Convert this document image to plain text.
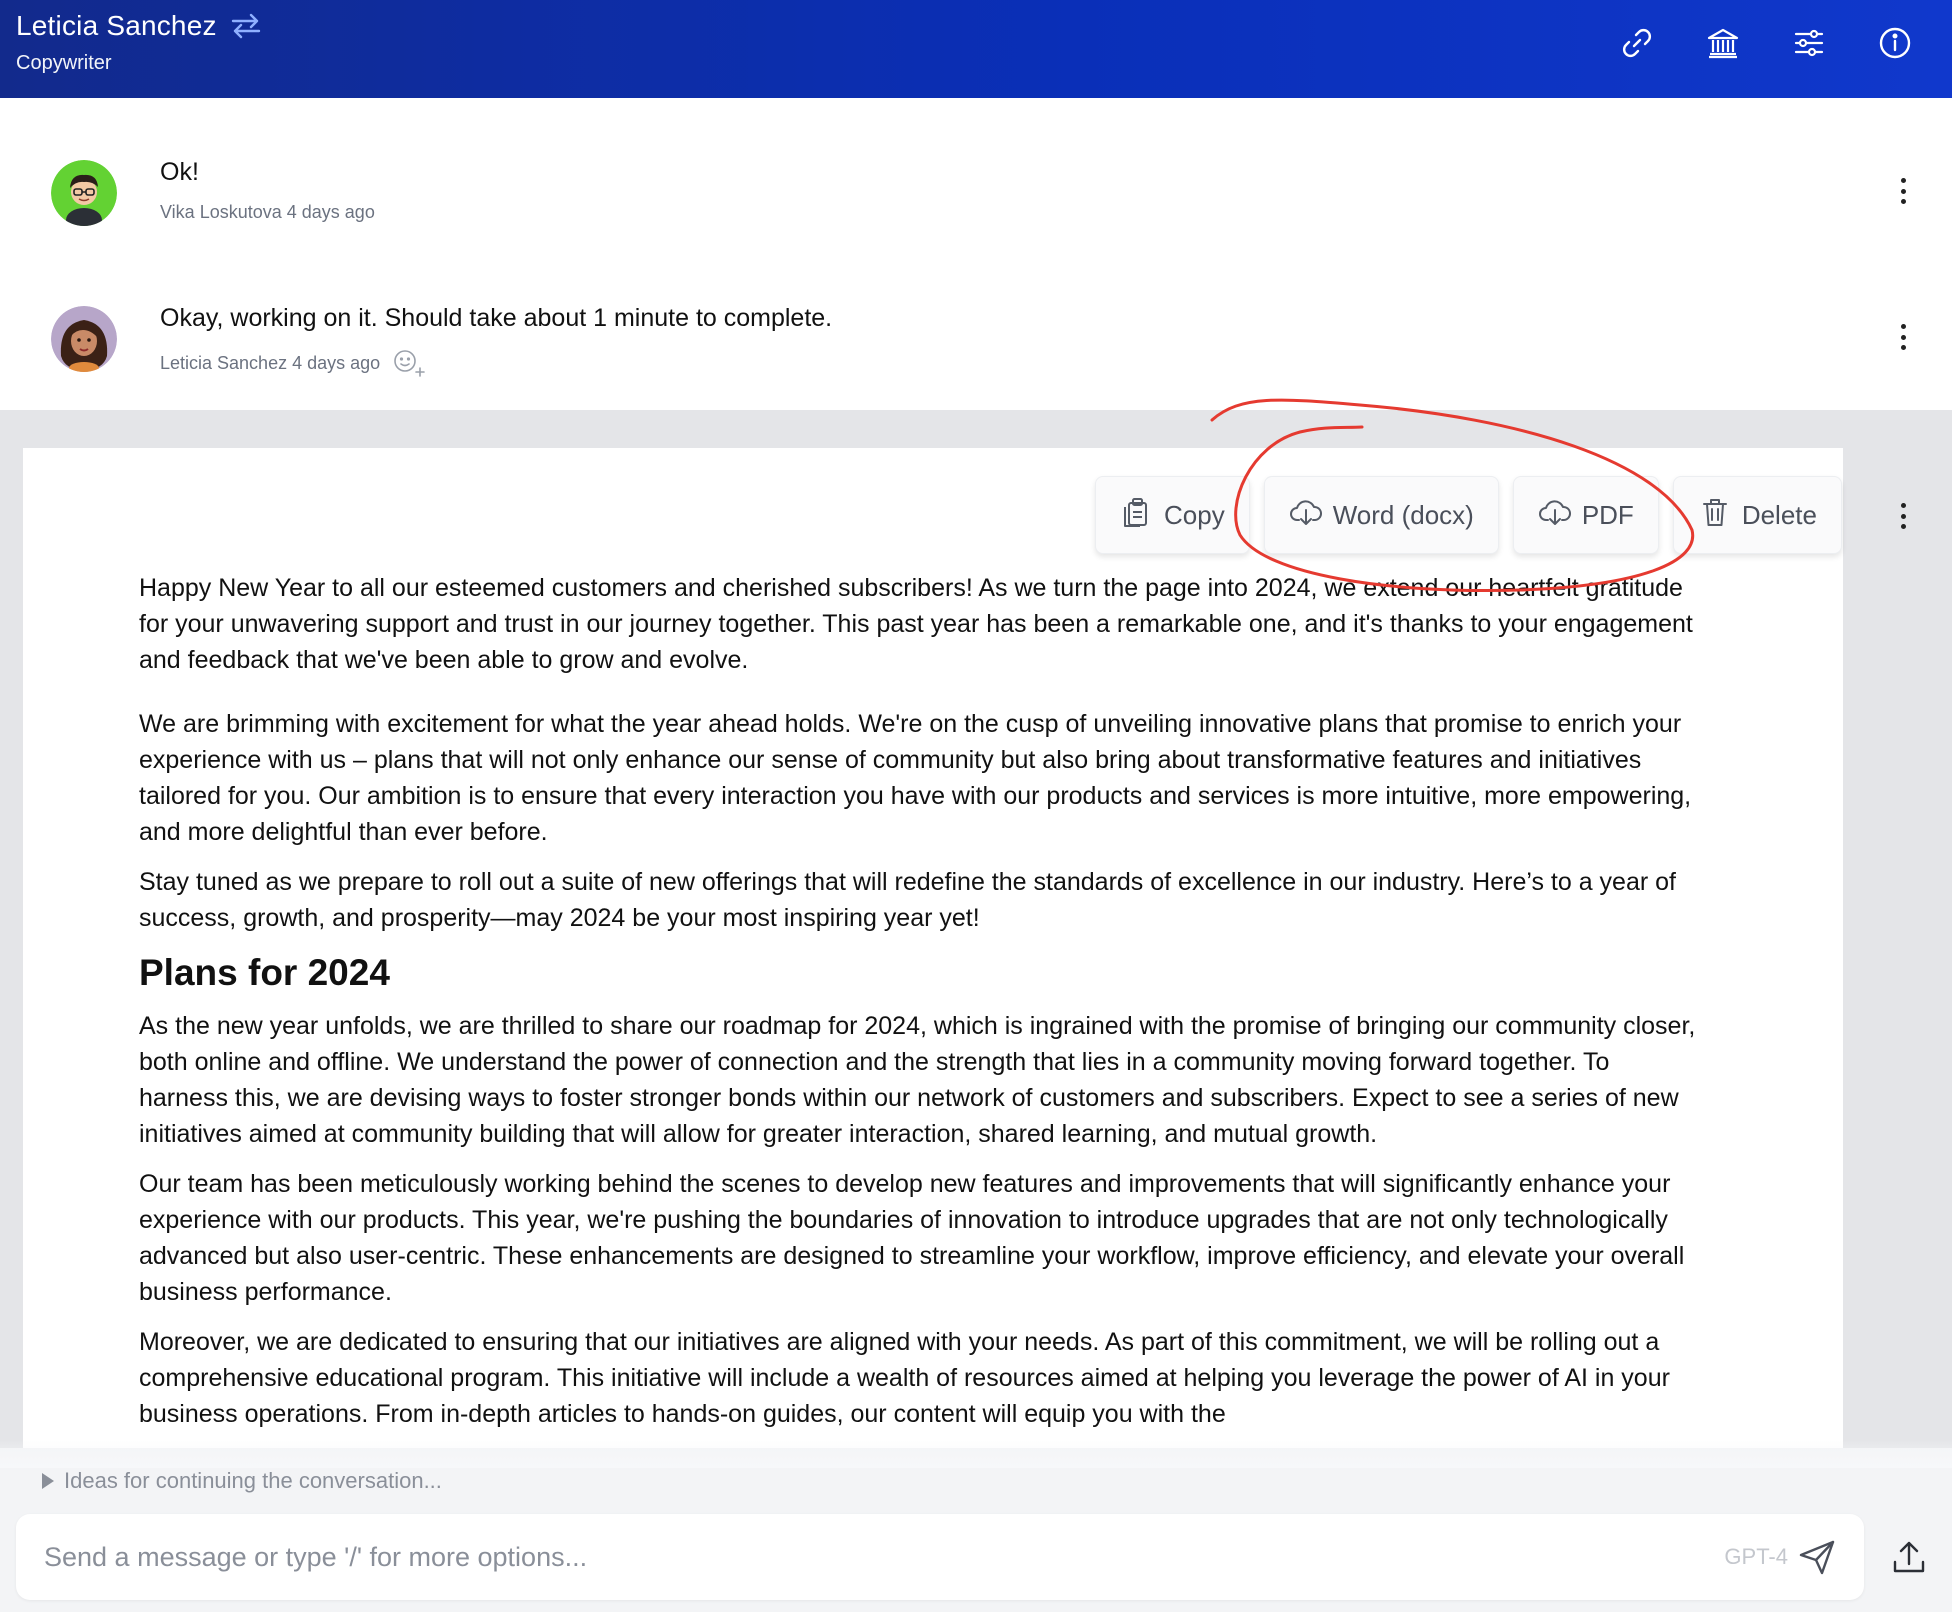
Leticia Sanchez
Copywriter
Ok!
Vika Loskutova 4 days ago
Okay, working on it. Should take about 1 minute to complete.
Leticia Sanchez 4 days ago
Copy	Word (docx)	PDF	Delete

Happy New Year to all our esteemed customers and cherished subscribers! As we turn the page into 2024, we extend our heartfelt gratitude for your unwavering support and trust in our journey together. This past year has been a remarkable one, and it's thanks to your engagement and feedback that we've been able to grow and evolve.

We are brimming with excitement for what the year ahead holds. We're on the cusp of unveiling innovative plans that promise to enrich your experience with us – plans that will not only enhance our sense of community but also bring about transformative features and initiatives tailored for you. Our ambition is to ensure that every interaction you have with our products and services is more intuitive, more empowering, and more delightful than ever before.

Stay tuned as we prepare to roll out a suite of new offerings that will redefine the standards of excellence in our industry. Here’s to a year of success, growth, and prosperity—may 2024 be your most inspiring year yet!

Plans for 2024

As the new year unfolds, we are thrilled to share our roadmap for 2024, which is ingrained with the promise of bringing our community closer, both online and offline. We understand the power of connection and the strength that lies in a community moving forward together. To harness this, we are devising ways to foster stronger bonds within our network of customers and subscribers. Expect to see a series of new initiatives aimed at community building that will allow for greater interaction, shared learning, and mutual growth.

Our team has been meticulously working behind the scenes to develop new features and improvements that will significantly enhance your experience with our products. This year, we're pushing the boundaries of innovation to introduce upgrades that are not only technologically advanced but also user-centric. These enhancements are designed to streamline your workflow, improve efficiency, and elevate your overall business performance.

Moreover, we are dedicated to ensuring that our initiatives are aligned with your needs. As part of this commitment, we will be rolling out a comprehensive educational program. This initiative will include a wealth of resources aimed at helping you leverage the power of AI in your business operations. From in-depth articles to hands-on guides, our content will equip you with the

Ideas for continuing the conversation...
Send a message or type '/' for more options...
GPT-4
